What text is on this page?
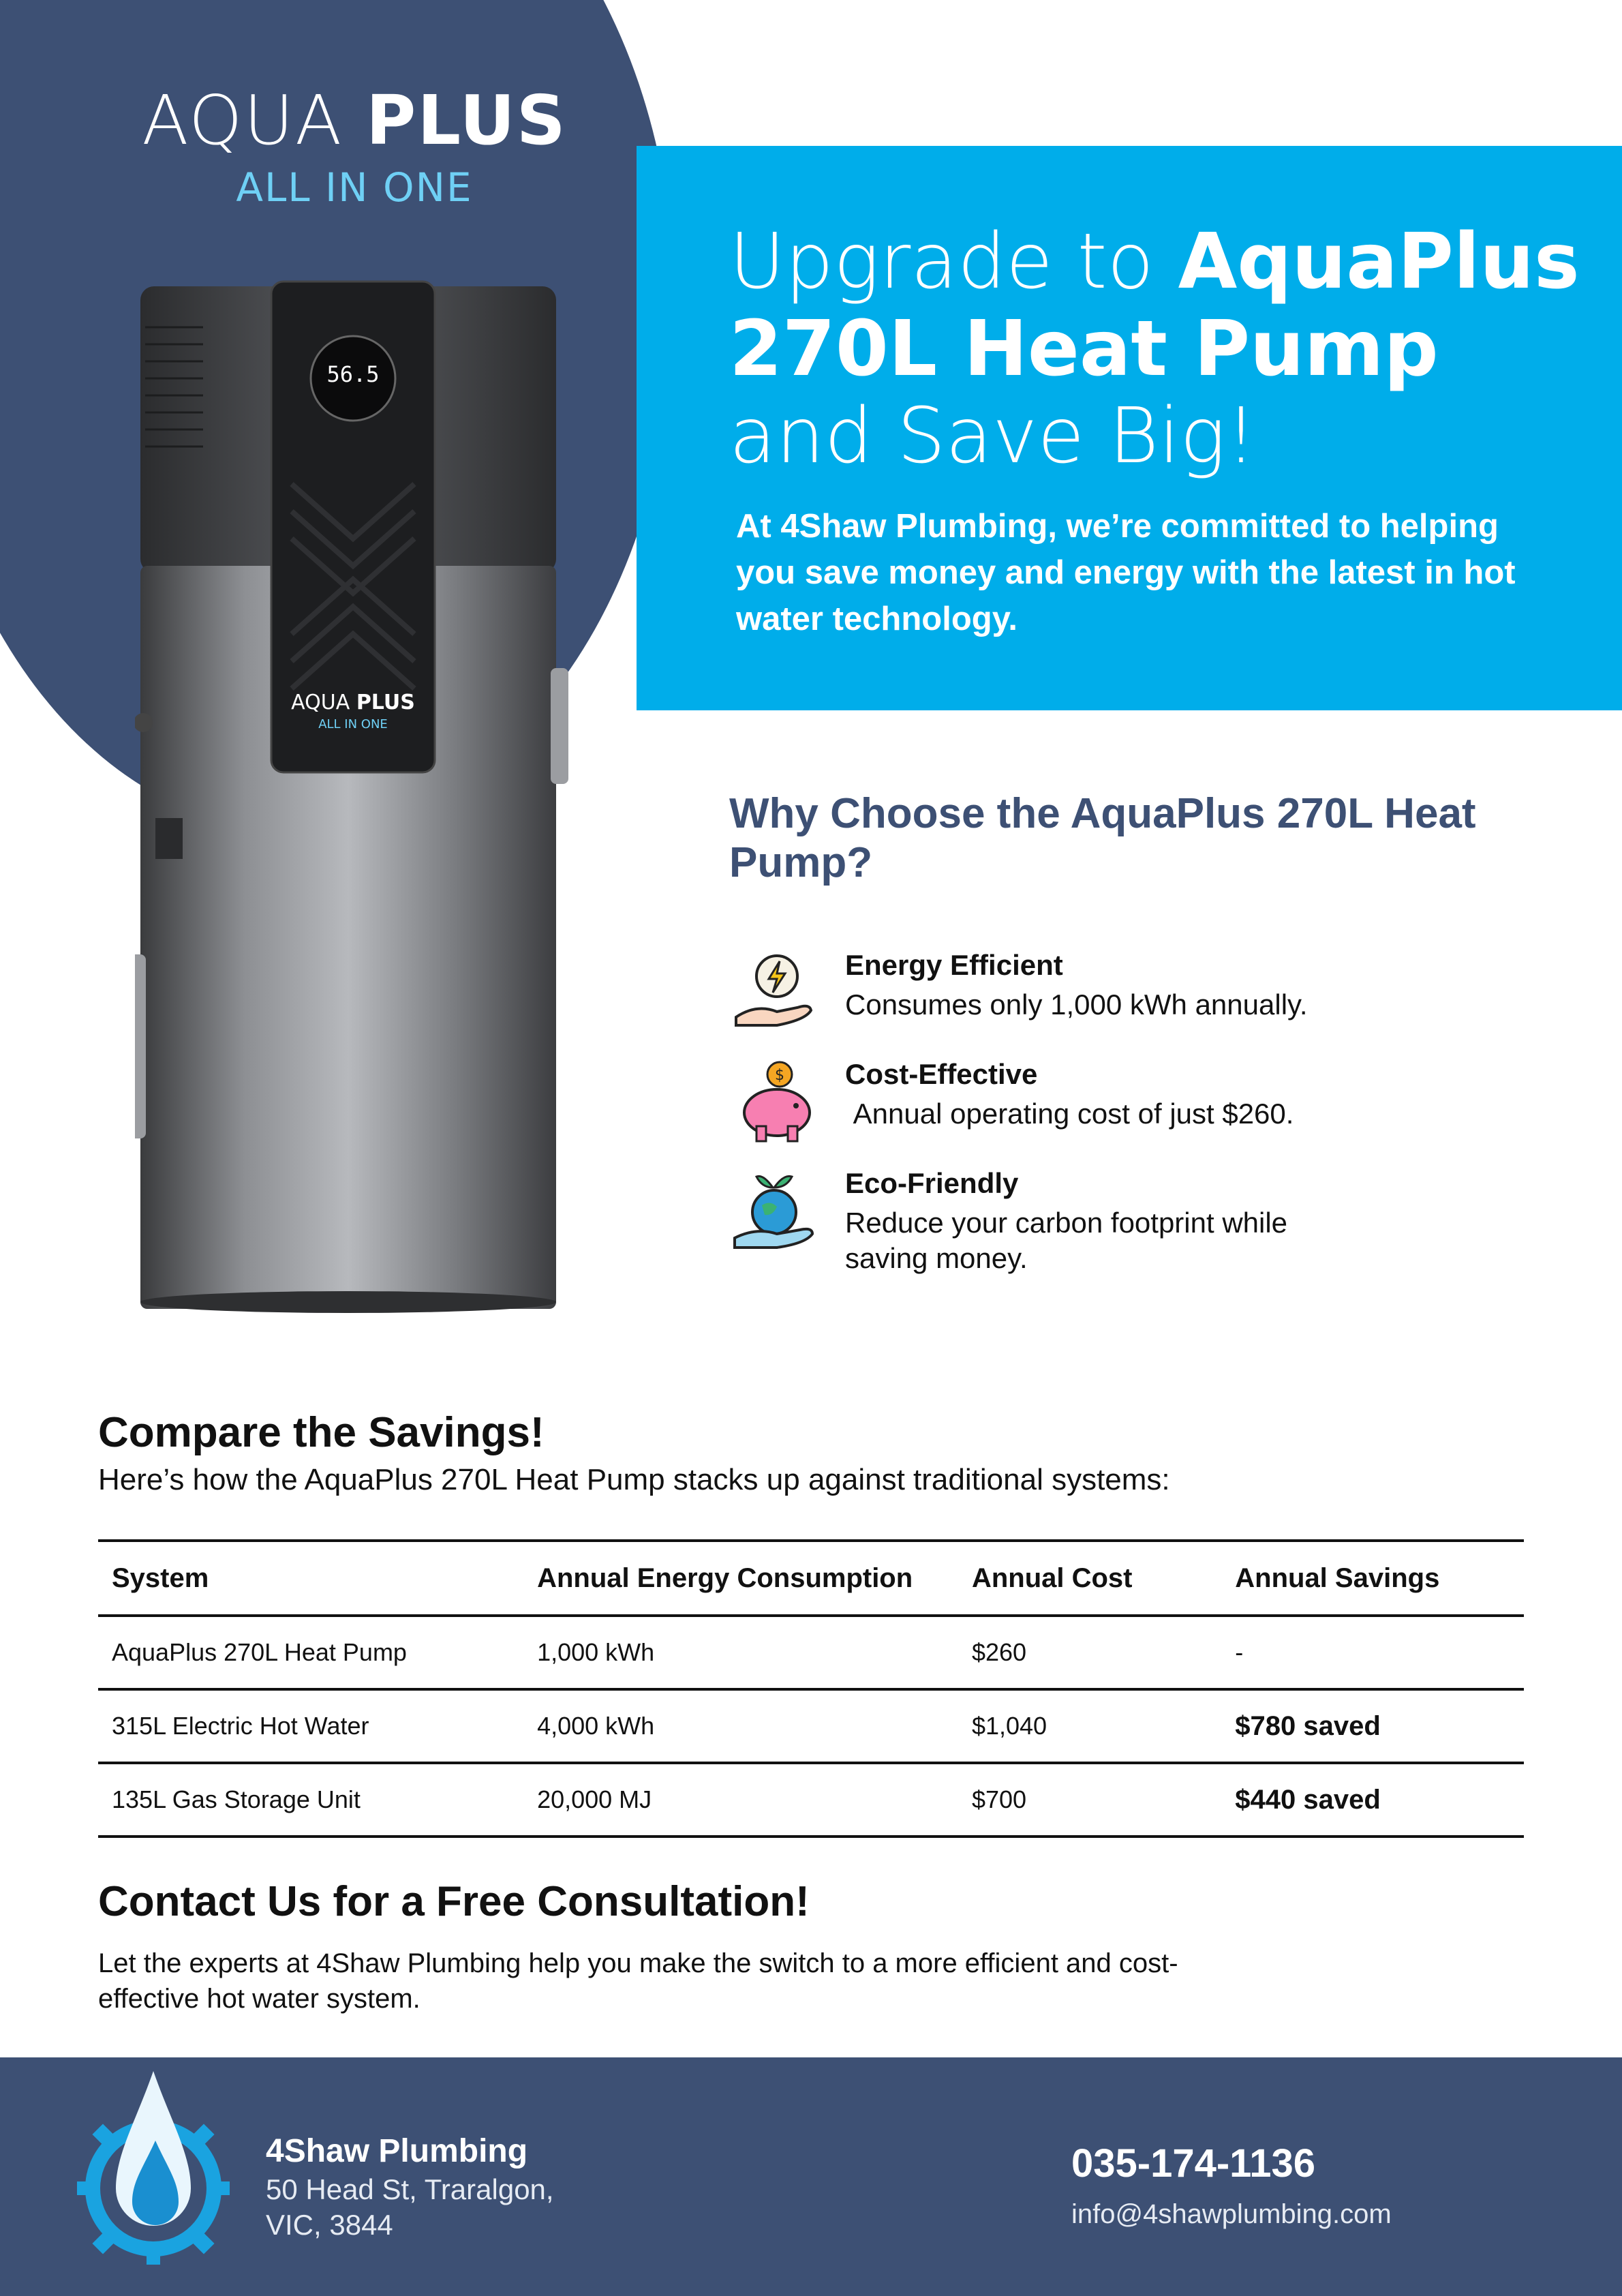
AQUA PLUS
ALL IN ONE
56.5
AQUA PLUS
ALL IN ONE
Upgrade to AquaPlus 270L Heat Pump and Save Big!
At 4Shaw Plumbing, we’re committed to helping you save money and energy with the latest in hot water technology.
Why Choose the AquaPlus 270L Heat Pump?
Energy Efficient
Consumes only 1,000 kWh annually.
$ Cost-Effective
Annual operating cost of just $260.
Eco-Friendly
Reduce your carbon footprint while saving money.
Compare the Savings!
Here’s how the AquaPlus 270L Heat Pump stacks up against traditional systems:
System	Annual Energy Consumption	Annual Cost	Annual Savings
AquaPlus 270L Heat Pump	1,000 kWh	$260	-
315L Electric Hot Water	4,000 kWh	$1,040	$780 saved
135L Gas Storage Unit	20,000 MJ	$700	$440 saved
Contact Us for a Free Consultation!
Let the experts at 4Shaw Plumbing help you make the switch to a more efficient and cost-effective hot water system.
4Shaw Plumbing
50 Head St, Traralgon,
VIC, 3844
035-174-1136
info@4shawplumbing.com
